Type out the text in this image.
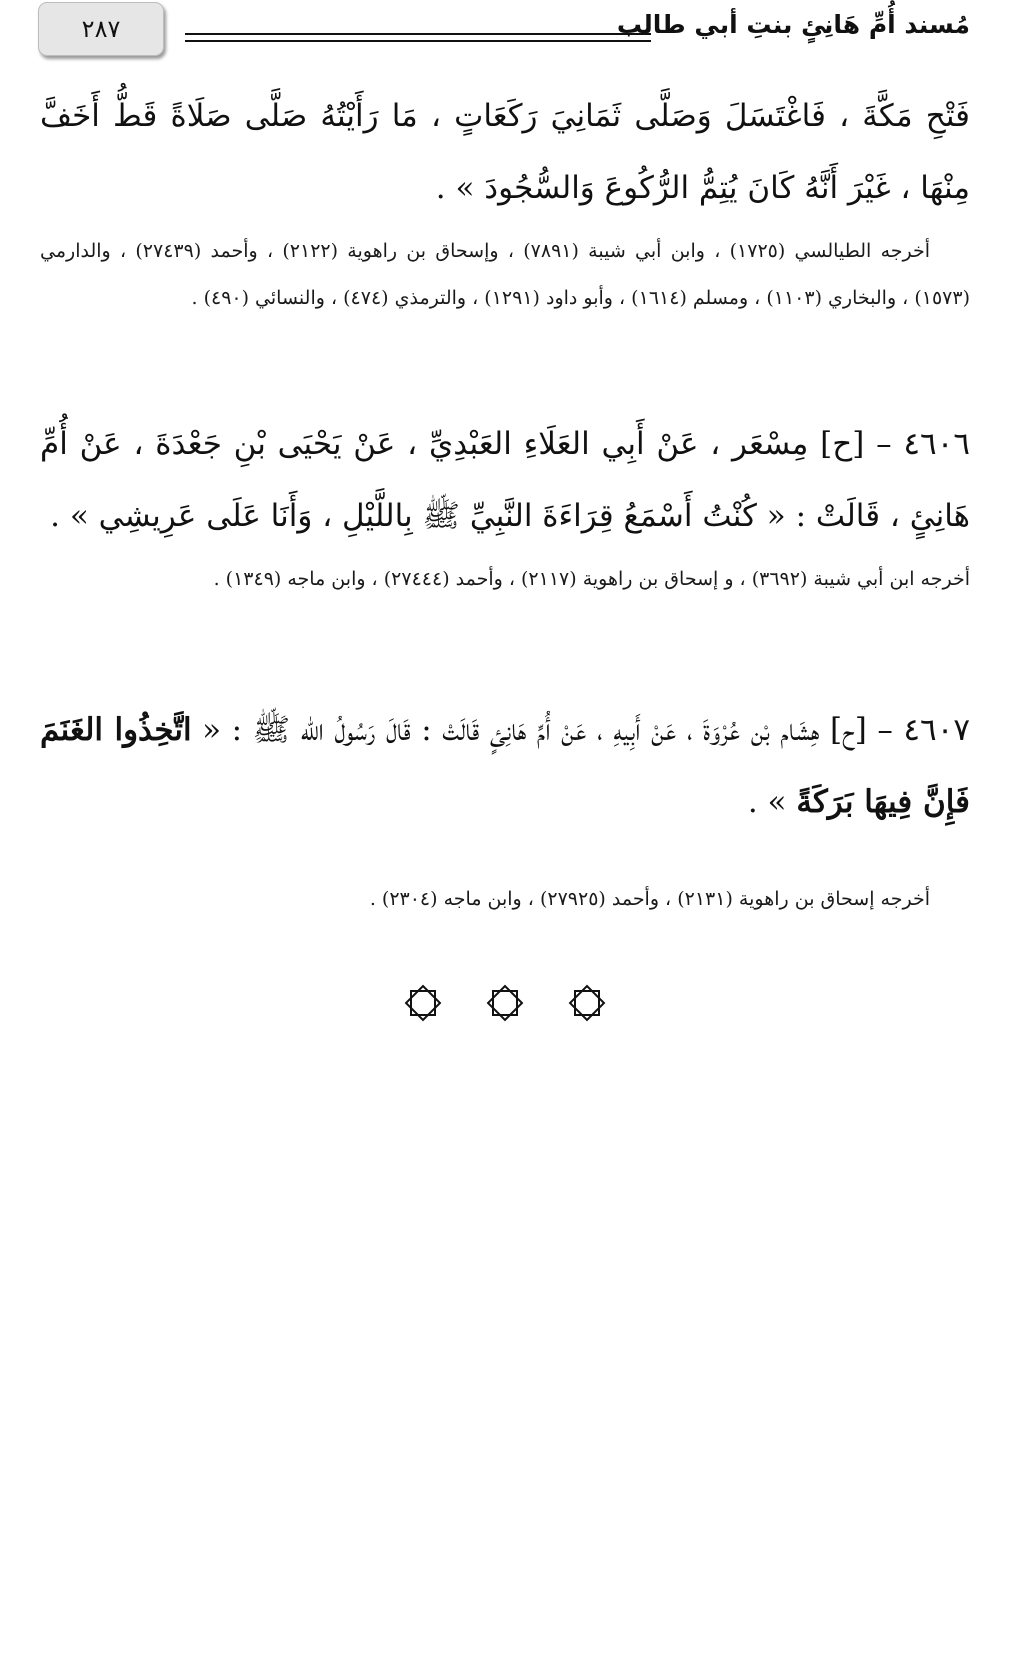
٢٨٧	مُسند أُمِّ هَانِئٍ بنتِ أبي طالب
فَتْحِ مَكَّةَ ، فَاغْتَسَلَ وَصَلَّى ثَمَانِيَ رَكَعَاتٍ ، مَا رَأَيْتُهُ صَلَّى صَلَاةً قَطُّ أَخَفَّ مِنْهَا ، غَيْرَ أَنَّهُ كَانَ يُتِمُّ الرُّكُوعَ وَالسُّجُودَ » .
أخرجه الطيالسي (١٧٢٥) ، وابن أبي شيبة (٧٨٩١) ، وإسحاق بن راهوية (٢١٢٢) ، وأحمد (٢٧٤٣٩) ، والدارمي (١٥٧٣) ، والبخاري (١١٠٣) ، ومسلم (١٦١٤) ، وأبو داود (١٢٩١) ، والترمذي (٤٧٤) ، والنسائي (٤٩٠) .
٤٦٠٦ – [ح] مِسْعَر ، عَنْ أَبِي العَلَاءِ العَبْدِيِّ ، عَنْ يَحْيَى بْنِ جَعْدَةَ ، عَنْ أُمِّ هَانِئٍ ، قَالَتْ : « كُنْتُ أَسْمَعُ قِرَاءَةَ النَّبِيِّ ﷺ بِاللَّيْلِ ، وَأَنَا عَلَى عَرِيشِي » .
أخرجه ابن أبي شيبة (٣٦٩٢) ، و إسحاق بن راهوية (٢١١٧) ، وأحمد (٢٧٤٤٤) ، وابن ماجه (١٣٤٩) .
٤٦٠٧ – [ح] هِشَام بْن عُرْوَةَ ، عَنْ أَبِيهِ ، عَنْ أُمِّ هَانِئٍ قَالَتْ : قَالَ رَسُولُ الله ﷺ : « اتَّخِذُوا الغَنَمَ فَإِنَّ فِيهَا بَرَكَةً » .
أخرجه إسحاق بن راهوية (٢١٣١) ، وأحمد (٢٧٩٢٥) ، وابن ماجه (٢٣٠٤) .
